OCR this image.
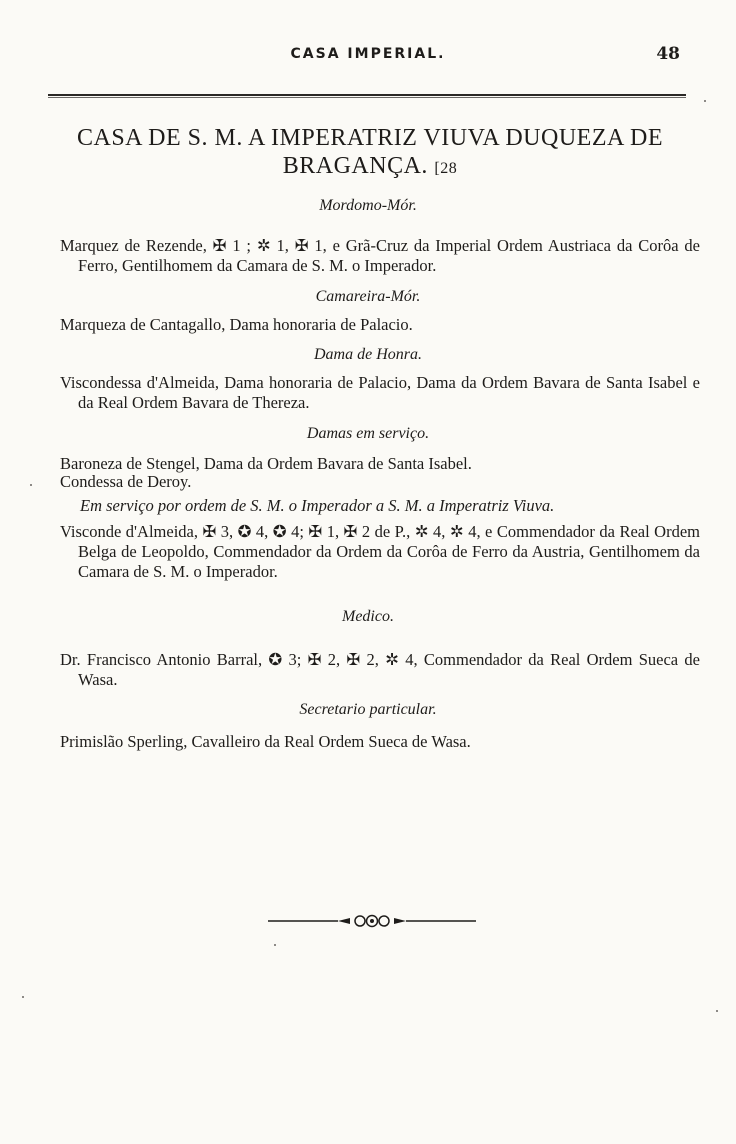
CASA IMPERIAL.	48
CASA DE S. M. A IMPERATRIZ VIUVA DUQUEZA DE
BRAGANÇA. [28
Mordomo-Mór.
Marquez de Rezende, ✠ 1 ; ✲ 1, ✠ 1, e Grã-Cruz da Imperial Ordem Austriaca da Corôa de Ferro, Gentilhomem da Camara de S. M. o Imperador.
Camareira-Mór.
Marqueza de Cantagallo, Dama honoraria de Palacio.
Dama de Honra.
Viscondessa d'Almeida, Dama honoraria de Palacio, Dama da Ordem Bavara de Santa Isabel e da Real Ordem Bavara de Thereza.
Damas em serviço.
Baroneza de Stengel, Dama da Ordem Bavara de Santa Isabel.
Condessa de Deroy.
Em serviço por ordem de S. M. o Imperador a S. M. a Imperatriz Viuva.
Visconde d'Almeida, ✠ 3, ✪ 4, ✪ 4; ✠ 1, ✠ 2 de P., ✲ 4, ✲ 4, e Commendador da Real Ordem Belga de Leopoldo, Commendador da Ordem da Corôa de Ferro da Austria, Gentilhomem da Camara de S. M. o Imperador.
Medico.
Dr. Francisco Antonio Barral, ✪ 3; ✠ 2, ✠ 2, ✲ 4, Commendador da Real Ordem Sueca de Wasa.
Secretario particular.
Primislão Sperling, Cavalleiro da Real Ordem Sueca de Wasa.
